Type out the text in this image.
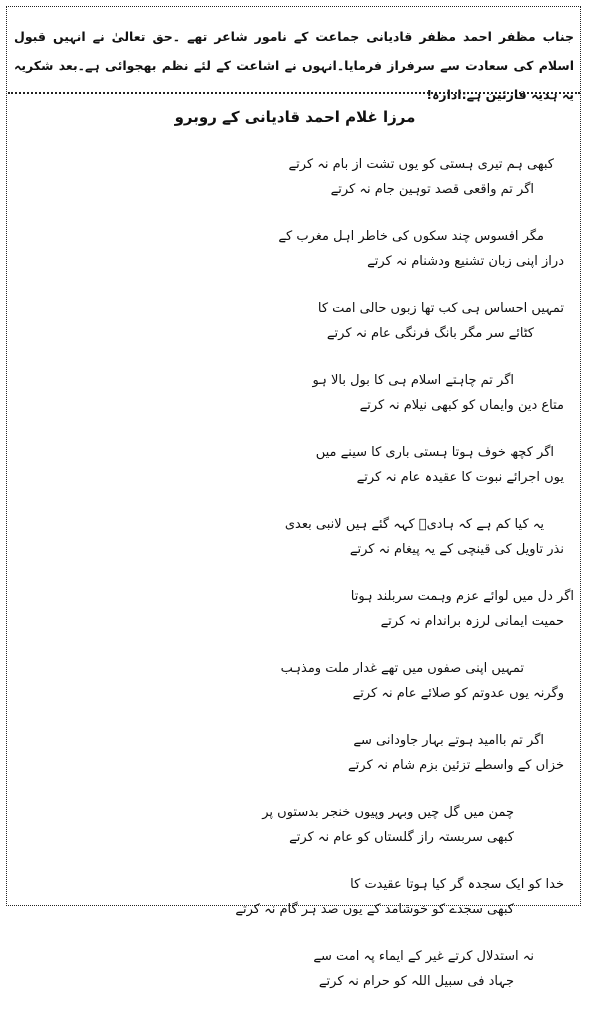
جناب مظفر احمد مظفر قادیانی جماعت کے نامور شاعر تھے ۔حق تعالیٰ نے انہیں قبول اسلام کی سعادت سے سرفراز فرمایا۔انہوں نے اشاعت کے لئے نظم بھجوائی ہے۔بعد شکریہ یہ ہدیہ قارئین ہے:ادارہ!
مرزا غلام احمد قادیانی کے روبرو
کبھی ہم تیری ہستی کو یوں تشت از بام نہ کرتے
اگر تم واقعی قصد توہین جام نہ کرتے
مگر افسوس چند سکوں کی خاطر اہل مغرب کے
دراز اپنی زبان تشنیع ودشنام نہ کرتے
تمہیں احساس ہی کب تھا زبوں حالی امت کا
کٹائے سر مگر بانگ فرنگی عام نہ کرتے
اگر تم چاہتے اسلام ہی کا بول بالا ہو
متاع دین وایماں کو کبھی نیلام نہ کرتے
اگر کچھ خوف ہوتا ہستی باری کا سینے میں
یوں اجرائے نبوت کا عقیدہ عام نہ کرتے
یہ کیا کم ہے کہ ہادیؐ کہہ گئے ہیں لانبی بعدی
نذر تاویل کی قینچی کے یہ پیغام نہ کرتے
اگر دل میں لوائے عزم وہمت سربلند ہوتا
حمیت ایمانی لرزہ براندام نہ کرتے
تمہیں اپنی صفوں میں تھے غدار ملت ومذہب
وگرنہ یوں عدوتم کو صلائے عام نہ کرتے
اگر تم باامید ہوتے بہار جاودانی سے
خزاں کے واسطے تزئین بزم شام نہ کرتے
چمن میں گل چیں وبہر وپیوں خنجر بدستوں پر
کبھی سربستہ راز گلستاں کو عام نہ کرتے
خدا کو ایک سجدہ گر کیا ہوتا عقیدت کا
کبھی سجدے کو خوشامد کے یوں صد ہر گام نہ کرتے
نہ استدلال کرتے غیر کے ایماء پہ امت سے
جہاد فی سبیل اللہ کو حرام نہ کرتے
